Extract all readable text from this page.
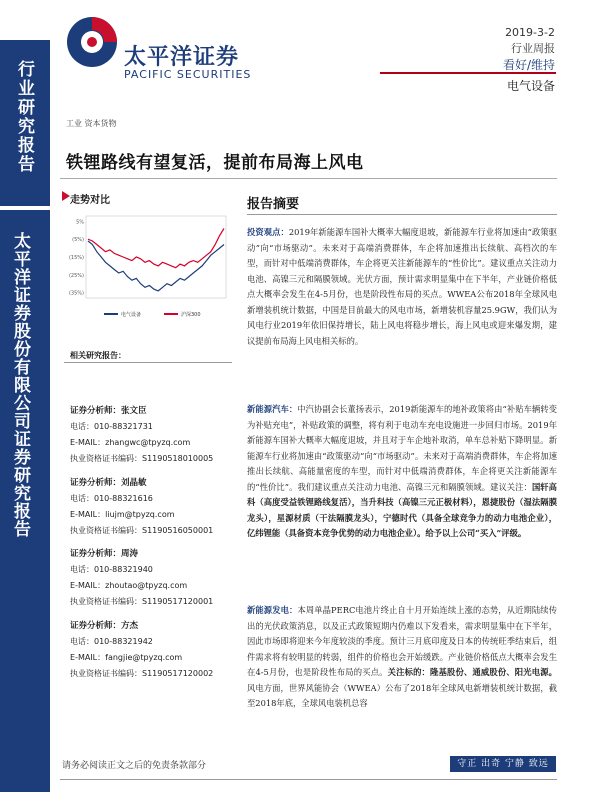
行业研究报告
太平洋证券股份有限公司证券研究报告
太平洋证券
PACIFIC SECURITIES
2019-3-2
行业周报
看好/维持
电气设备
工业 资本货物
铁锂路线有望复活，提前布局海上风电
走势对比
5%
(5%)
(15%)
(25%)
(35%)
电气设备	沪深300
相关研究报告：
证券分析师：张文臣
电话：010-88321731
E-MAIL：zhangwc@tpyzq.com
执业资格证书编码：S1190518010005
证券分析师：刘晶敏
电话：010-88321616
E-MAIL：liujm@tpyzq.com
执业资格证书编码：S1190516050001
证券分析师：周涛
电话：010-88321940
E-MAIL：zhoutao@tpyzq.com
执业资格证书编码：S1190517120001
证券分析师：方杰
电话：010-88321942
E-MAIL：fangjie@tpyzq.com
执业资格证书编码：S1190517120002
报告摘要
投资观点：2019年新能源车国补大概率大幅度退坡，新能源车行业将加速由“政策驱动”向“市场驱动”。未来对于高端消费群体，车企将加速推出长续航、高档次的车型，而针对中低端消费群体，车企将更关注新能源车的“性价比”。建议重点关注动力电池、高镍三元和隔膜领域。光伏方面，预计需求明显集中在下半年，产业链价格低点大概率会发生在4-5月份，也是阶段性布局的买点。WWEA公布2018年全球风电新增装机统计数据，中国是目前最大的风电市场，新增装机容量25.9GW，我们认为风电行业2019年依旧保持增长，陆上风电将稳步增长，海上风电或迎来爆发期，建议提前布局海上风电相关标的。
新能源汽车：中汽协副会长董扬表示，2019新能源车的地补政策将由“补贴车辆转变为补贴充电”，补贴政策的调整，将有利于电动车充电设施进一步回归市场。2019年新能源车国补大概率大幅度退坡，并且对于车企地补取消，单车总补贴下降明显。新能源车行业将加速由“政策驱动”向“市场驱动”。未来对于高端消费群体，车企将加速推出长续航、高能量密度的车型，而针对中低端消费群体，车企将更关注新能源车的“性价比”。我们建议重点关注动力电池、高镍三元和隔膜领域。建议关注：国轩高科（高度受益铁锂路线复活），当升科技（高镍三元正极材料），恩捷股份（湿法隔膜龙头），星源材质（干法隔膜龙头），宁德时代（具备全球竞争力的动力电池企业），亿纬锂能（具备资本竞争优势的动力电池企业）。给予以上公司“买入”评级。
新能源发电：本周单晶PERC电池片终止自十月开始连续上涨的态势，从近期陆续传出的光伏政策消息，以及正式政策短期内仍难以下发看来，需求明显集中在下半年，因此市场即将迎来今年度较淡的季度。预计三月底印度及日本的传统旺季结束后，组件需求将有较明显的转弱，组件的价格也会开始缓跌。产业链价格低点大概率会发生在4-5月份，也是阶段性布局的买点。关注标的：隆基股份、通威股份、阳光电源。风电方面，世界风能协会（WWEA）公布了2018年全球风电新增装机统计数据，截至2018年底，全球风电装机总容
请务必阅读正文之后的免责条款部分	守正 出奇 宁静 致远
